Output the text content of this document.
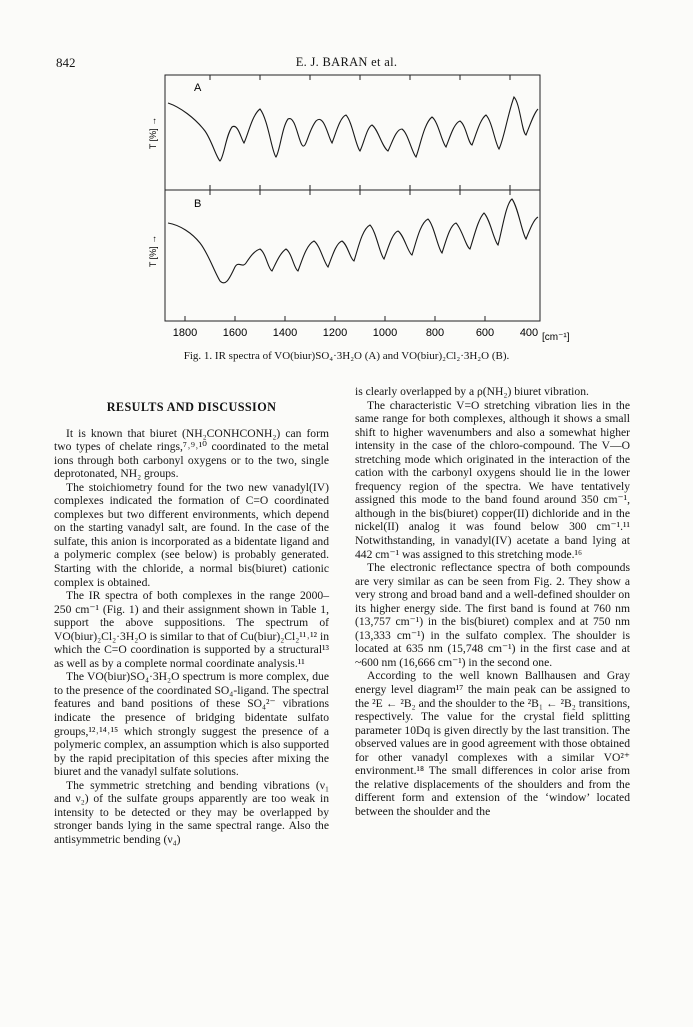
842	E. J. BARAN et al.
A
B
T [%] →
T [%] →
1800 1600 1400 1200 1000	800	600 400 [cm⁻¹]
Fig. 1. IR spectra of VO(biur)SO₄·3H₂O (A) and VO(biur)₂Cl₂·3H₂O (B).
RESULTS AND DISCUSSION

It is known that biuret (NH₂CONHCONH₂) can form two types of chelate rings,⁷˒⁹˒¹⁰ coordinated to the metal ions through both carbonyl oxygens or to the two, single deprotonated, NH₂ groups.

The stoichiometry found for the two new vanadyl(IV) complexes indicated the formation of C=O coordinated complexes but two different environments, which depend on the starting vanadyl salt, are found. In the case of the sulfate, this anion is incorporated as a bidentate ligand and a polymeric complex (see below) is probably generated. Starting with the chloride, a normal bis(biuret) cationic complex is obtained.

The IR spectra of both complexes in the range 2000–250 cm⁻¹ (Fig. 1) and their assignment shown in Table 1, support the above suppositions. The spectrum of VO(biur)₂Cl₂·3H₂O is similar to that of Cu(biur)₂Cl₂¹¹˒¹² in which the C=O coordination is supported by a structural¹³ as well as by a complete normal coordinate analysis.¹¹

The VO(biur)SO₄·3H₂O spectrum is more complex, due to the presence of the coordinated SO₄-ligand. The spectral features and band positions of these SO₄²⁻ vibrations indicate the presence of bridging bidentate sulfato groups,¹²˒¹⁴˒¹⁵ which strongly suggest the presence of a polymeric complex, an assumption which is also supported by the rapid precipitation of this species after mixing the biuret and the vanadyl sulfate solutions.

The symmetric stretching and bending vibrations (ν₁ and ν₂) of the sulfate groups apparently are too weak in intensity to be detected or they may be overlapped by stronger bands lying in the same spectral range. Also the antisymmetric bending (ν₄)

is clearly overlapped by a ρ(NH₂) biuret vibration.

The characteristic V=O stretching vibration lies in the same range for both complexes, although it shows a small shift to higher wavenumbers and also a somewhat higher intensity in the case of the chloro-compound. The V—O stretching mode which originated in the interaction of the cation with the carbonyl oxygens should lie in the lower frequency region of the spectra. We have tentatively assigned this mode to the band found around 350 cm⁻¹, although in the bis(biuret) copper(II) dichloride and in the nickel(II) analog it was found below 300 cm⁻¹.¹¹ Notwithstanding, in vanadyl(IV) acetate a band lying at 442 cm⁻¹ was assigned to this stretching mode.¹⁶

The electronic reflectance spectra of both compounds are very similar as can be seen from Fig. 2. They show a very strong and broad band and a well-defined shoulder on its higher energy side. The first band is found at 760 nm (13,757 cm⁻¹) in the bis(biuret) complex and at 750 nm (13,333 cm⁻¹) in the sulfato complex. The shoulder is located at 635 nm (15,748 cm⁻¹) in the first case and at ~600 nm (16,666 cm⁻¹) in the second one.

According to the well known Ballhausen and Gray energy level diagram¹⁷ the main peak can be assigned to the ²E ← ²B₂ and the shoulder to the ²B₁ ← ²B₂ transitions, respectively. The value for the crystal field splitting parameter 10Dq is given directly by the last transition. The observed values are in good agreement with those obtained for other vanadyl complexes with a similar VO²⁺ environment.¹⁸ The small differences in color arise from the relative displacements of the shoulders and from the different form and extension of the ‘window’ located between the shoulder and the
